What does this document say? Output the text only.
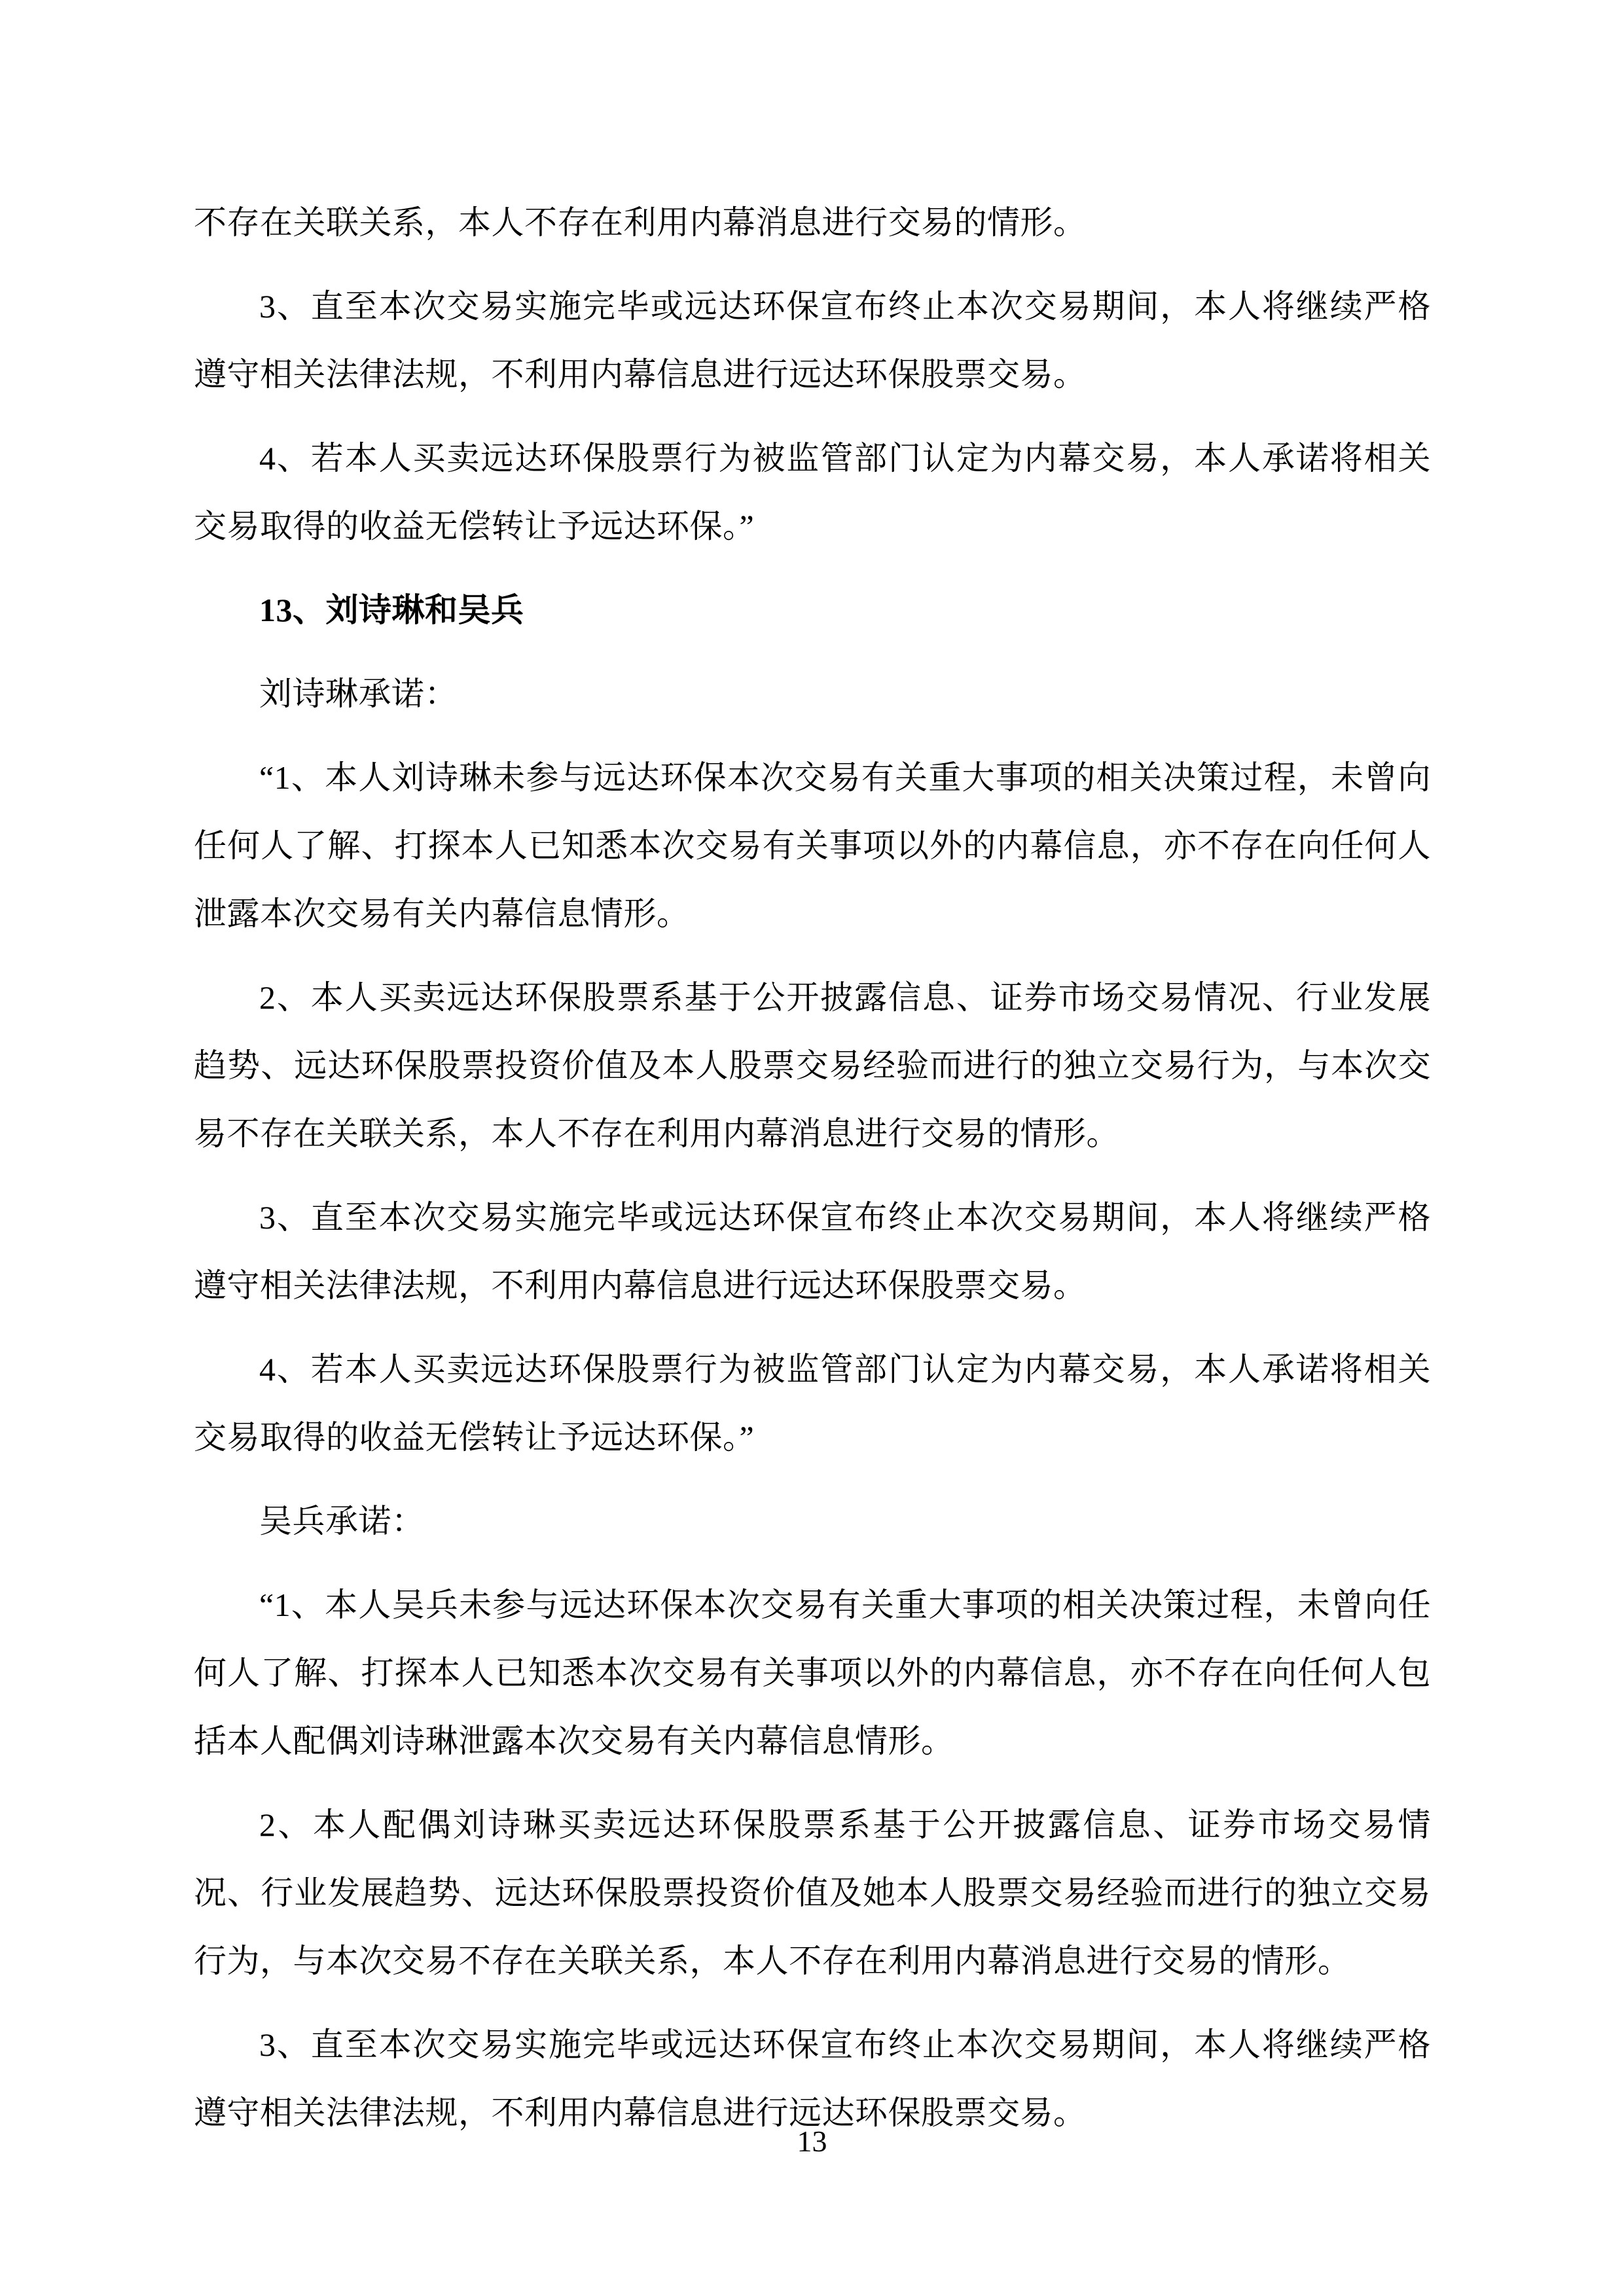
不存在关联关系，本人不存在利用内幕消息进行交易的情形。

3、直至本次交易实施完毕或远达环保宣布终止本次交易期间，本人将继续严格遵守相关法律法规，不利用内幕信息进行远达环保股票交易。

4、若本人买卖远达环保股票行为被监管部门认定为内幕交易，本人承诺将相关交易取得的收益无偿转让予远达环保。”

13、刘诗琳和吴兵

刘诗琳承诺：

“1、本人刘诗琳未参与远达环保本次交易有关重大事项的相关决策过程，未曾向任何人了解、打探本人已知悉本次交易有关事项以外的内幕信息，亦不存在向任何人泄露本次交易有关内幕信息情形。

2、本人买卖远达环保股票系基于公开披露信息、证券市场交易情况、行业发展趋势、远达环保股票投资价值及本人股票交易经验而进行的独立交易行为，与本次交易不存在关联关系，本人不存在利用内幕消息进行交易的情形。

3、直至本次交易实施完毕或远达环保宣布终止本次交易期间，本人将继续严格遵守相关法律法规，不利用内幕信息进行远达环保股票交易。

4、若本人买卖远达环保股票行为被监管部门认定为内幕交易，本人承诺将相关交易取得的收益无偿转让予远达环保。”

吴兵承诺：

“1、本人吴兵未参与远达环保本次交易有关重大事项的相关决策过程，未曾向任何人了解、打探本人已知悉本次交易有关事项以外的内幕信息，亦不存在向任何人包括本人配偶刘诗琳泄露本次交易有关内幕信息情形。

2、本人配偶刘诗琳买卖远达环保股票系基于公开披露信息、证券市场交易情况、行业发展趋势、远达环保股票投资价值及她本人股票交易经验而进行的独立交易行为，与本次交易不存在关联关系，本人不存在利用内幕消息进行交易的情形。

3、直至本次交易实施完毕或远达环保宣布终止本次交易期间，本人将继续严格遵守相关法律法规，不利用内幕信息进行远达环保股票交易。

13
